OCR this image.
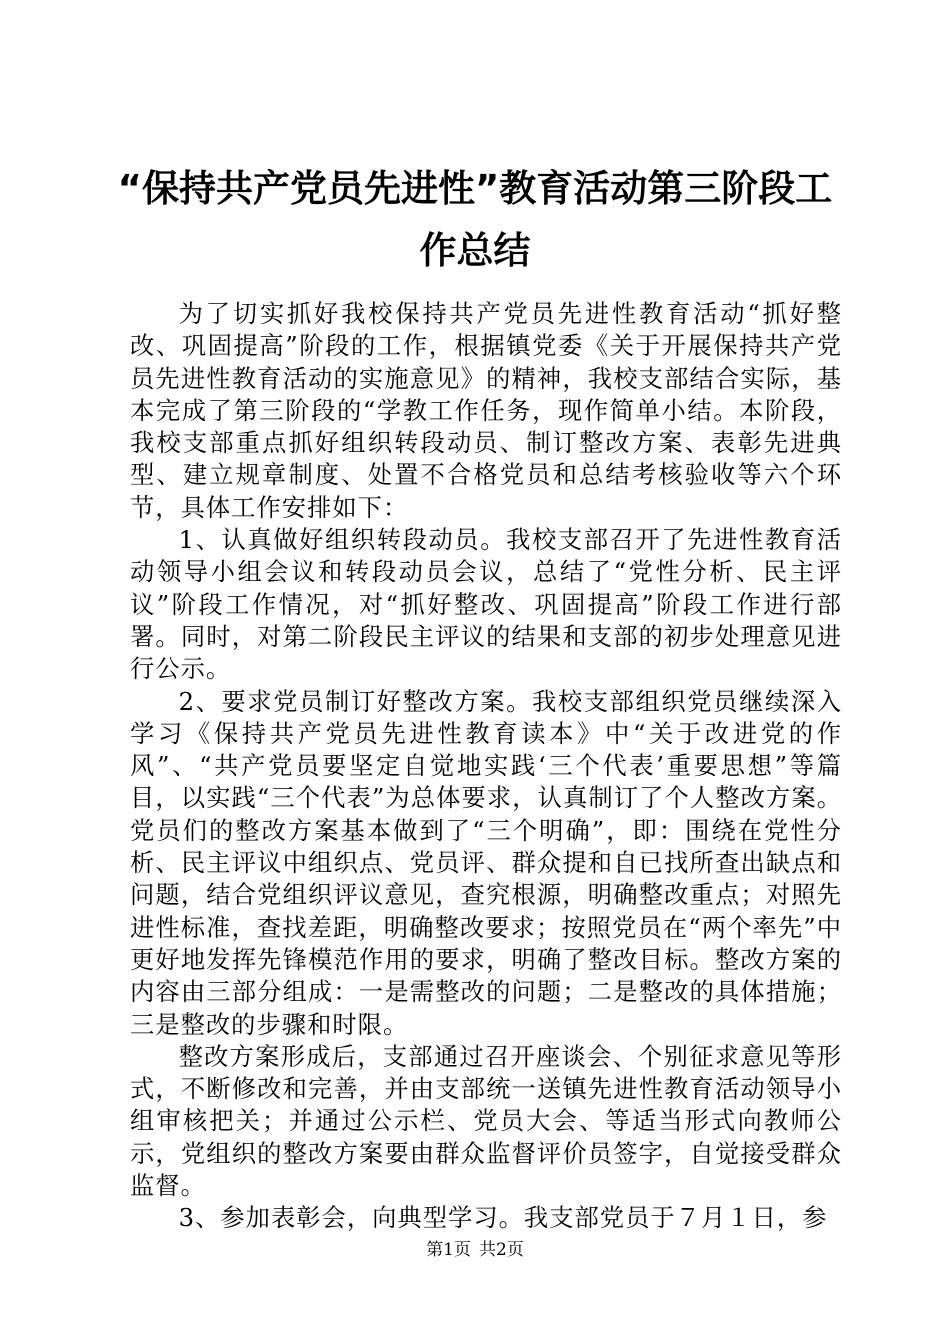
“保持共产党员先进性”教育活动第三阶段工
作总结

为了切实抓好我校保持共产党员先进性教育活动“抓好整改、巩固提高”阶段的工作，根据镇党委《关于开展保持共产党员先进性教育活动的实施意见》的精神，我校支部结合实际，基本完成了第三阶段的“学教工作任务，现作简单小结。本阶段，我校支部重点抓好组织转段动员、制订整改方案、表彰先进典型、建立规章制度、处置不合格党员和总结考核验收等六个环节，具体工作安排如下：

1、认真做好组织转段动员。我校支部召开了先进性教育活动领导小组会议和转段动员会议，总结了“党性分析、民主评议”阶段工作情况，对“抓好整改、巩固提高”阶段工作进行部署。同时，对第二阶段民主评议的结果和支部的初步处理意见进行公示。

2、要求党员制订好整改方案。我校支部组织党员继续深入学习《保持共产党员先进性教育读本》中“关于改进党的作风”、“共产党员要坚定自觉地实践‘三个代表’重要思想”等篇目，以实践“三个代表”为总体要求，认真制订了个人整改方案。党员们的整改方案基本做到了“三个明确”，即：围绕在党性分析、民主评议中组织点、党员评、群众提和自已找所查出缺点和问题，结合党组织评议意见，查究根源，明确整改重点；对照先进性标准，查找差距，明确整改要求；按照党员在“两个率先”中更好地发挥先锋模范作用的要求，明确了整改目标。整改方案的内容由三部分组成：一是需整改的问题；二是整改的具体措施；三是整改的步骤和时限。

整改方案形成后，支部通过召开座谈会、个别征求意见等形式，不断修改和完善，并由支部统一送镇先进性教育活动领导小组审核把关；并通过公示栏、党员大会、等适当形式向教师公示，党组织的整改方案要由群众监督评价员签字，自觉接受群众监督。

3、参加表彰会，向典型学习。我支部党员于７月１日，参

第1页 共2页
